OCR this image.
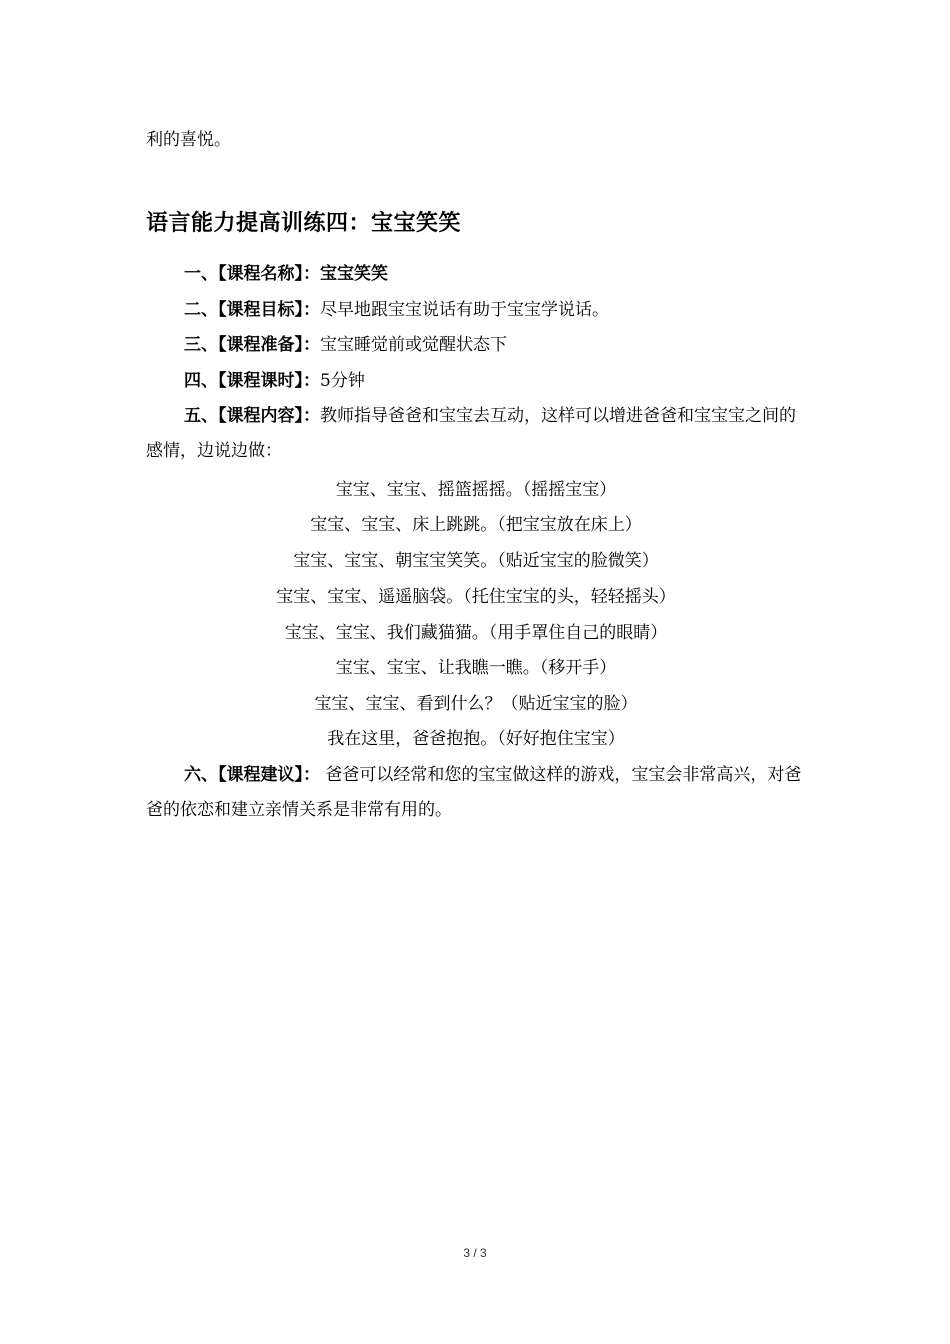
利的喜悦。

语言能力提高训练四：宝宝笑笑

一、【课程名称】：宝宝笑笑

二、【课程目标】：尽早地跟宝宝说话有助于宝宝学说话。

三、【课程准备】：宝宝睡觉前或觉醒状态下

四、【课程课时】：5分钟

五、【课程内容】：教师指导爸爸和宝宝去互动，这样可以增进爸爸和宝宝宝之间的感情，边说边做：

宝宝、宝宝、摇篮摇摇。（摇摇宝宝）

宝宝、宝宝、床上跳跳。（把宝宝放在床上）

宝宝、宝宝、朝宝宝笑笑。（贴近宝宝的脸微笑）

宝宝、宝宝、遥遥脑袋。（托住宝宝的头，轻轻摇头）

宝宝、宝宝、我们藏猫猫。（用手罩住自己的眼睛）

宝宝、宝宝、让我瞧一瞧。（移开手）

宝宝、宝宝、看到什么？（贴近宝宝的脸）

我在这里，爸爸抱抱。（好好抱住宝宝）

六、【课程建议】： 爸爸可以经常和您的宝宝做这样的游戏，宝宝会非常高兴，对爸爸的依恋和建立亲情关系是非常有用的。

3 / 3
